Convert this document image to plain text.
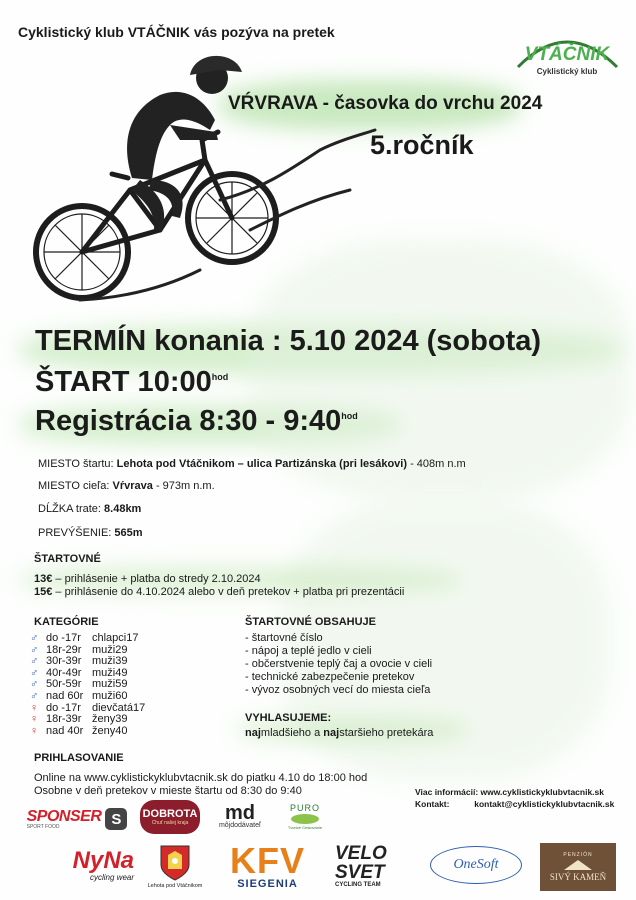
Cyklistický klub VTÁČNIK vás pozýva na pretek
VŔVRAVA - časovka do vrchu 2024
5.ročník
VTÁČNIK
Cyklistický klub
TERMÍN konania : 5.10 2024 (sobota)
ŠTART $10:00^{hod}$
Registrácia 8:30 - $9:40^{hod}$
MIESTO štartu: Lehota pod Vtáčnikom – ulica Partizánska (pri lesákovi) - 408m n.m
MIESTO cieľa: Vŕvrava - 973m n.m.
DĹŽKA trate: 8.48km
PREVÝŠENIE: 565m
ŠTARTOVNÉ
13€ – prihlásenie + platba do stredy 2.10.2024
15€ – prihlásenie do 4.10.2024 alebo v deň pretekov + platba pri prezentácii
KATEGÓRIE
♂ do -17r chlapci17
♂ 18r-29r muži29
♂ 30r-39r muži39
♂ 40r-49r muži49
♂ 50r-59r muži59
♂ nad 60r muži60
♀ do -17r dievčatá17
♀ 18r-39r ženy39
♀ nad 40r ženy40
ŠTARTOVNÉ OBSAHUJE
- štartovné číslo
- nápoj a teplé jedlo v cieli
- občerstvenie teplý čaj a ovocie v cieli
- technické zabezpečenie pretekov
- vývoz osobných vecí do miesta cieľa
VYHLASUJEME:
najmladšieho a najstaršieho pretekára
PRIHLASOVANIE
Online na www.cyklistickyklubvtacnik.sk do piatku 4.10 do 18:00 hod
Osobne v deň pretekov v mieste štartu od 8:30 do 9:40	Viac informácií: www.cyklistickyklubvtacnik.sk
Kontakt:	kontakt@cyklistickyklubvtacnik.sk
SPONSER
SPORT FOOD	S	DOBROTA
Chuť našej kraja md
môjdodávateľ
PURO
Tvorivé Cestovanie
NyNa
cycling wear
Lehota pod Vtáčnikom
KFV
SIEGENIA
VELO
SVET
CYCLING TEAM
OneSoft
PENZIÓN
SIVÝ KAMEŇ
